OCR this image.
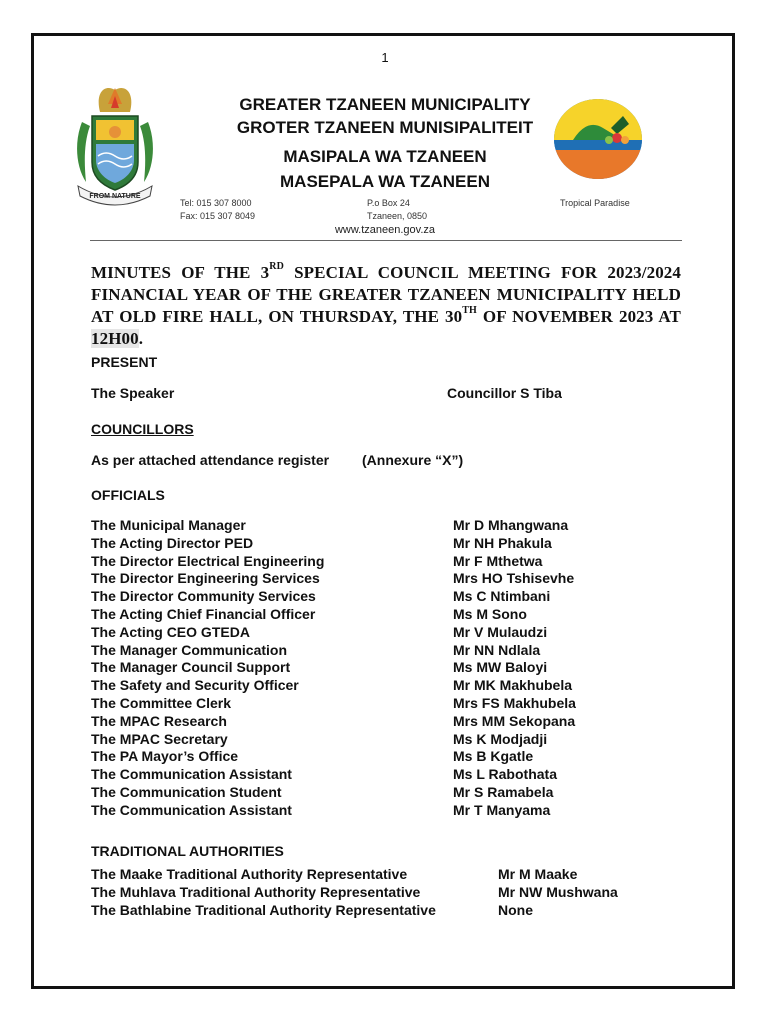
1
FROM NATURE
GREATER TZANEEN MUNICIPALITY
GROTER TZANEEN MUNISIPALITEIT
MASIPALA WA TZANEEN
MASEPALA WA TZANEEN
Tel: 015 307 8000
Fax: 015 307 8049
P.o Box 24
Tzaneen, 0850
Tropical Paradise
www.tzaneen.gov.za
MINUTES OF THE 3RD SPECIAL COUNCIL MEETING FOR 2023/2024 FINANCIAL YEAR OF THE GREATER TZANEEN MUNICIPALITY HELD AT OLD FIRE HALL, ON THURSDAY, THE 30TH OF NOVEMBER 2023 AT 12H00.
PRESENT
The Speaker	Councillor S Tiba
COUNCILLORS
As per attached attendance register (Annexure “X”)
OFFICIALS
The Municipal Manager	Mr D Mhangwana
The Acting Director PED	Mr NH Phakula
The Director Electrical Engineering	Mr F Mthetwa
The Director Engineering Services	Mrs HO Tshisevhe
The Director Community Services	Ms C Ntimbani
The Acting Chief Financial Officer	Ms M Sono
The Acting CEO GTEDA	Mr V Mulaudzi
The Manager Communication	Mr NN Ndlala
The Manager Council Support	Ms MW Baloyi
The Safety and Security Officer	Mr MK Makhubela
The Committee Clerk	Mrs FS Makhubela
The MPAC Research	Mrs MM Sekopana
The MPAC Secretary	Ms K Modjadji
The PA Mayor’s Office	Ms B Kgatle
The Communication Assistant	Ms L Rabothata
The Communication Student	Mr S Ramabela
The Communication Assistant	Mr T Manyama
TRADITIONAL AUTHORITIES
The Maake Traditional Authority Representative	Mr M Maake
The Muhlava Traditional Authority Representative	Mr NW Mushwana
The Bathlabine Traditional Authority Representative	None
